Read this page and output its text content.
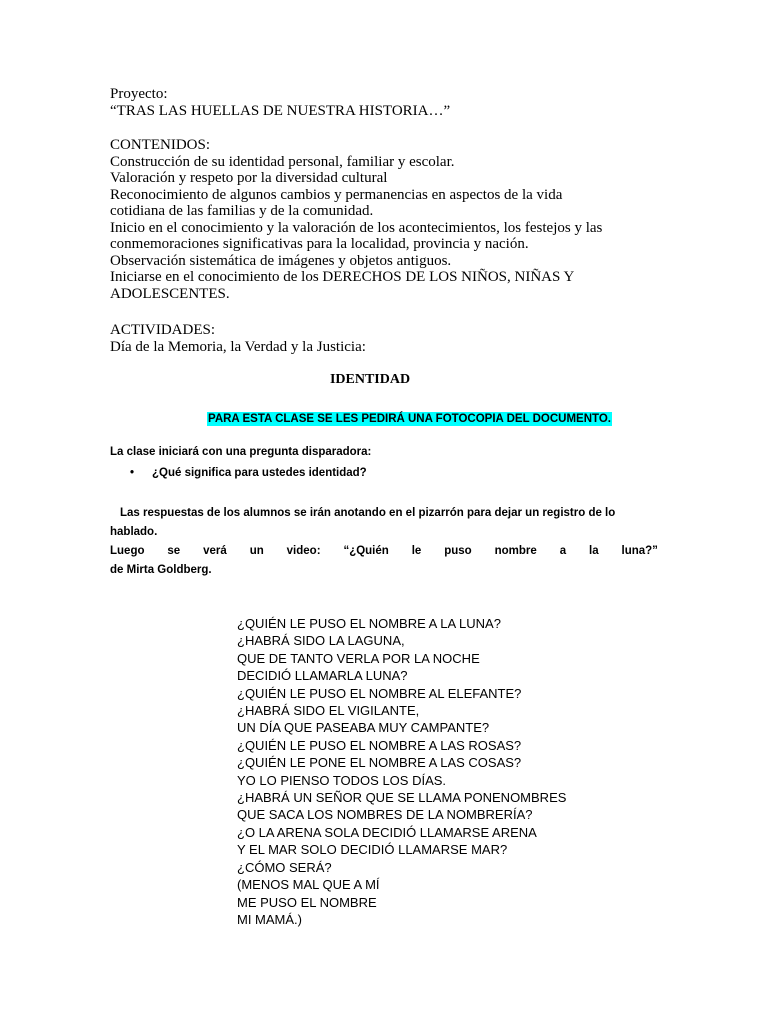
Proyecto:
“TRAS LAS HUELLAS DE NUESTRA HISTORIA…”
CONTENIDOS:
Construcción de su identidad personal, familiar y escolar.
Valoración y respeto por la diversidad cultural
Reconocimiento de algunos cambios y permanencias en aspectos de la vida
cotidiana de las familias y de la comunidad.
Inicio en el conocimiento y la valoración de los acontecimientos, los festejos y las
conmemoraciones significativas para la localidad, provincia y nación.
Observación sistemática de imágenes y objetos antiguos.
Iniciarse en el conocimiento de los DERECHOS DE LOS NIÑOS, NIÑAS Y
ADOLESCENTES.
ACTIVIDADES:
Día de la Memoria, la Verdad y la Justicia:
IDENTIDAD
PARA ESTA CLASE SE LES PEDIRÁ UNA FOTOCOPIA DEL DOCUMENTO.
La clase iniciará con una pregunta disparadora:
• ¿Qué significa para ustedes identidad?
Las respuestas de los alumnos se irán anotando en el pizarrón para dejar un registro de lo
hablado.
Luego se verá un video: “¿Quién le puso nombre a la luna?”
de Mirta Goldberg.
¿QUIÉN LE PUSO EL NOMBRE A LA LUNA?
¿HABRÁ SIDO LA LAGUNA,
QUE DE TANTO VERLA POR LA NOCHE
DECIDIÓ LLAMARLA LUNA?
¿QUIÉN LE PUSO EL NOMBRE AL ELEFANTE?
¿HABRÁ SIDO EL VIGILANTE,
UN DÍA QUE PASEABA MUY CAMPANTE?
¿QUIÉN LE PUSO EL NOMBRE A LAS ROSAS?
¿QUIÉN LE PONE EL NOMBRE A LAS COSAS?
YO LO PIENSO TODOS LOS DÍAS.
¿HABRÁ UN SEÑOR QUE SE LLAMA PONENOMBRES
QUE SACA LOS NOMBRES DE LA NOMBRERÍA?
¿O LA ARENA SOLA DECIDIÓ LLAMARSE ARENA
Y EL MAR SOLO DECIDIÓ LLAMARSE MAR?
¿CÓMO SERÁ?
(MENOS MAL QUE A MÍ
ME PUSO EL NOMBRE
MI MAMÁ.)
